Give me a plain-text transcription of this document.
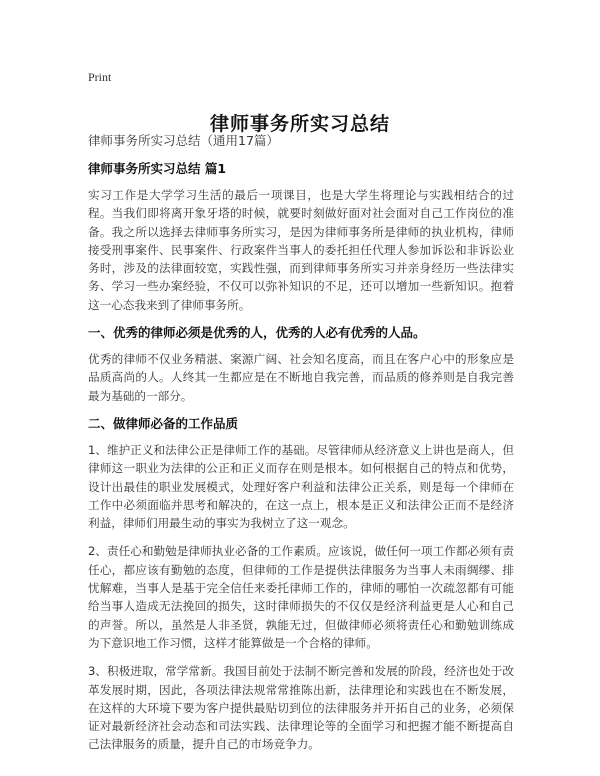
Print
律师事务所实习总结

律师事务所实习总结（通用17篇）

律师事务所实习总结 篇1

实习工作是大学学习生活的最后一项课目，也是大学生将理论与实践相结合的过程。当我们即将离开象牙塔的时候，就要时刻做好面对社会面对自己工作岗位的准备。我之所以选择去律师事务所实习，是因为律师事务所是律师的执业机构，律师接受刑事案件、民事案件、行政案件当事人的委托担任代理人参加诉讼和非诉讼业务时，涉及的法律面较宽，实践性强，而到律师事务所实习并亲身经历一些法律实务、学习一些办案经验，不仅可以弥补知识的不足，还可以增加一些新知识。抱着这一心态我来到了律师事务所。

一、优秀的律师必须是优秀的人，优秀的人必有优秀的人品。

优秀的律师不仅业务精湛、案源广阔、社会知名度高，而且在客户心中的形象应是品质高尚的人。人终其一生都应是在不断地自我完善，而品质的修养则是自我完善最为基础的一部分。

二、做律师必备的工作品质

1、维护正义和法律公正是律师工作的基础。尽管律师从经济意义上讲也是商人，但律师这一职业为法律的公正和正义而存在则是根本。如何根据自己的特点和优势，设计出最佳的职业发展模式，处理好客户利益和法律公正关系，则是每一个律师在工作中必须面临并思考和解决的，在这一点上，根本是正义和法律公正而不是经济利益，律师们用最生动的事实为我树立了这一观念。

2、责任心和勤勉是律师执业必备的工作素质。应该说，做任何一项工作都必须有责任心，都应该有勤勉的态度，但律师的工作是提供法律服务为当事人未雨绸缪、排忧解难，当事人是基于完全信任来委托律师工作的，律师的哪怕一次疏忽都有可能给当事人造成无法挽回的损失，这时律师损失的不仅仅是经济利益更是人心和自己的声誉。所以，虽然是人非圣贤，孰能无过，但做律师必须将责任心和勤勉训练成为下意识地工作习惯，这样才能算做是一个合格的律师。

3、积极进取，常学常新。我国目前处于法制不断完善和发展的阶段，经济也处于改革发展时期，因此，各项法律法规常常推陈出新，法律理论和实践也在不断发展，在这样的大环境下要为客户提供最贴切到位的法律服务并开拓自己的业务，必须保证对最新经济社会动态和司法实践、法律理论等的全面学习和把握才能不断提高自己法律服务的质量，提升自己的市场竞争力。
